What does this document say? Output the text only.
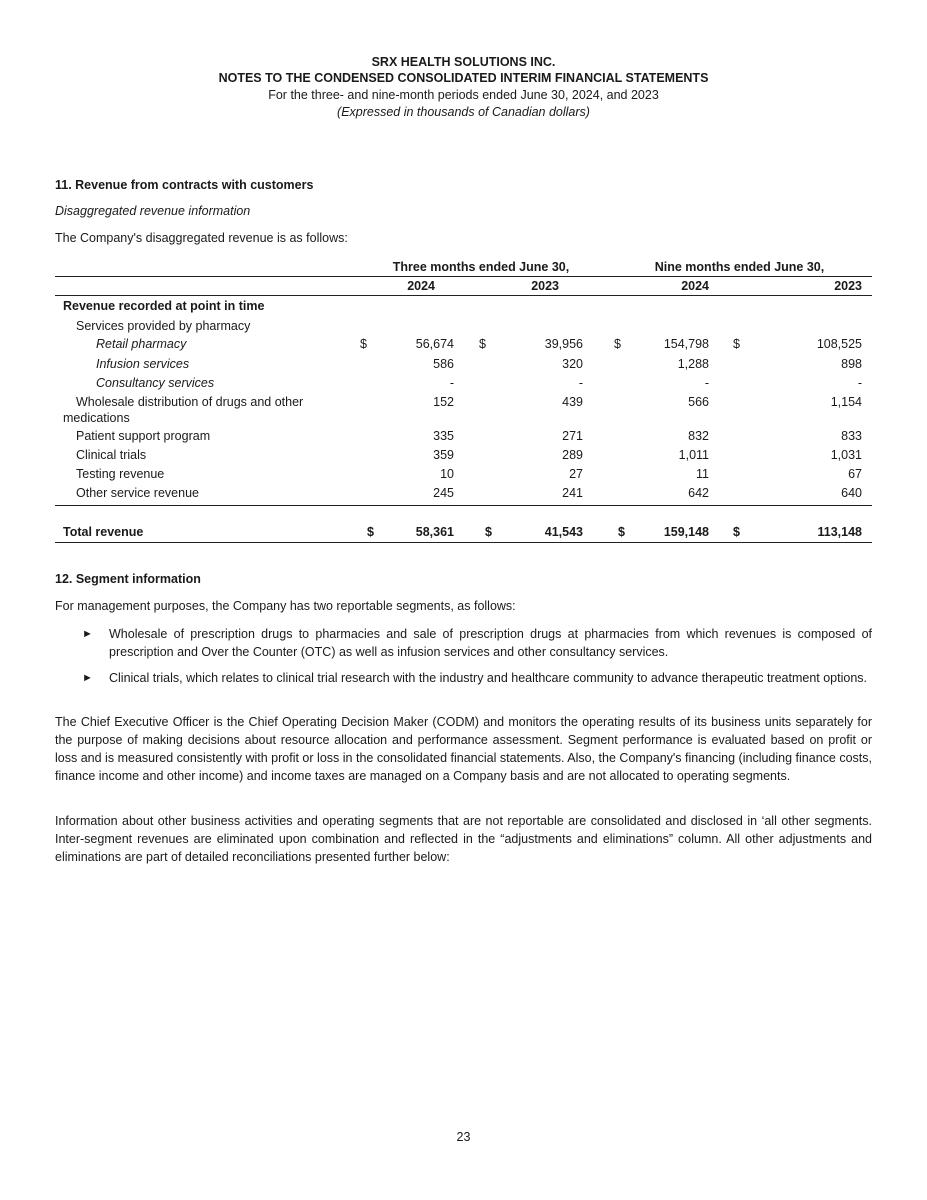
SRX HEALTH SOLUTIONS INC.
NOTES TO THE CONDENSED CONSOLIDATED INTERIM FINANCIAL STATEMENTS
For the three- and nine-month periods ended June 30, 2024, and 2023
(Expressed in thousands of Canadian dollars)
11. Revenue from contracts with customers
Disaggregated revenue information
The Company's disaggregated revenue is as follows:
Three months ended June 30,	Nine months ended June 30,
2024	2023	2024	2023
Revenue recorded at point in time
Services provided by pharmacy
Retail pharmacy	$	56,674 $	39,956 $	154,798 $	108,525
Infusion services	586	320	1,288	898
Consultancy services	-	-	-	-
Wholesale distribution of drugs and other
medications
152	439	566	1,154
Patient support program	335	271	832	833
Clinical trials	359	289	1,011	1,031
Testing revenue	10	27	11	67
Other service revenue	245	241	642	640
Total revenue	$	58,361 $	41,543	$	159,148 $	113,148
12. Segment information
For management purposes, the Company has two reportable segments, as follows:
► Wholesale of prescription drugs to pharmacies and sale of prescription drugs at pharmacies from which revenues is composed of prescription and Over the Counter (OTC) as well as infusion services and other consultancy services.
► Clinical trials, which relates to clinical trial research with the industry and healthcare community to advance therapeutic treatment options.
The Chief Executive Officer is the Chief Operating Decision Maker (CODM) and monitors the operating results of its business units separately for the purpose of making decisions about resource allocation and performance assessment. Segment performance is evaluated based on profit or loss and is measured consistently with profit or loss in the consolidated financial statements. Also, the Company's financing (including finance costs, finance income and other income) and income taxes are managed on a Company basis and are not allocated to operating segments.
Information about other business activities and operating segments that are not reportable are consolidated and disclosed in ‘all other segments. Inter-segment revenues are eliminated upon combination and reflected in the “adjustments and eliminations” column. All other adjustments and eliminations are part of detailed reconciliations presented further below:
23
